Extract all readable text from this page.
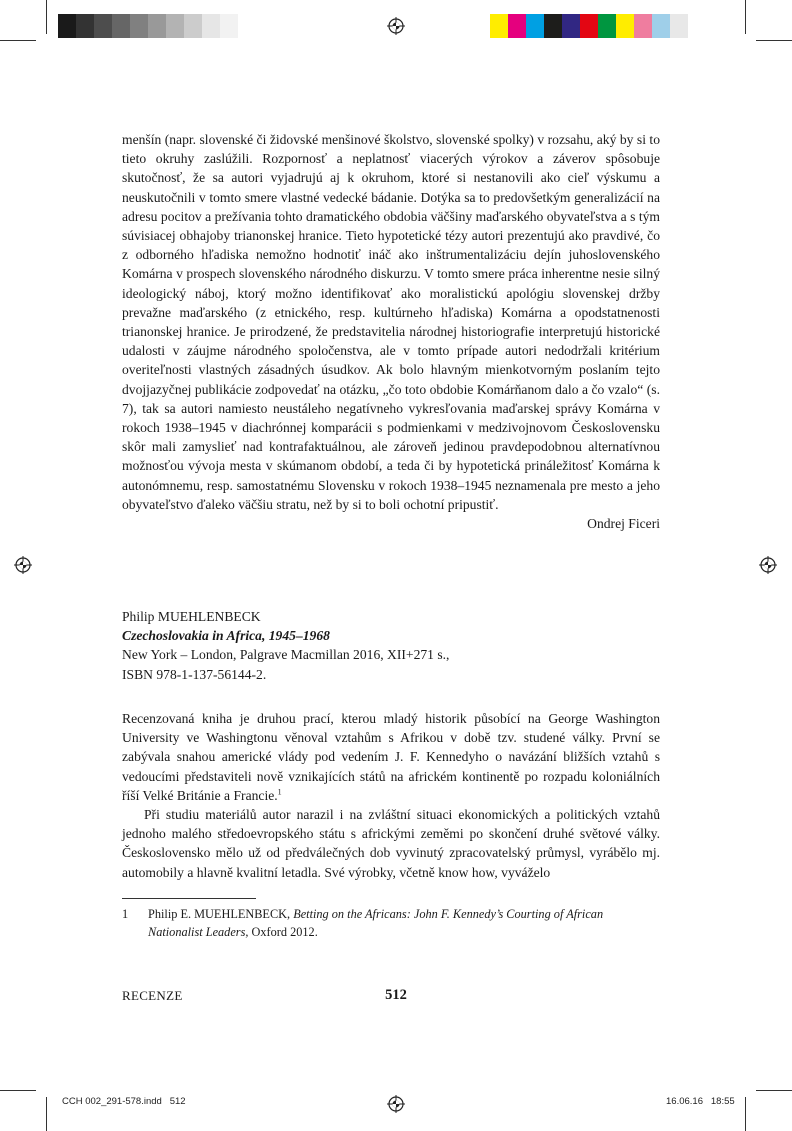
menšín (napr. slovenské či židovské menšinové školstvo, slovenské spolky) v rozsahu, aký by si to tieto okruhy zaslúžili. Rozpornosť a neplatnosť viacerých výrokov a záverov spôsobuje skutočnosť, že sa autori vyjadrujú aj k okruhom, ktoré si nestanovili ako cieľ výskumu a neuskutočnili v tomto smere vlastné vedecké bádanie. Dotýka sa to predovšetkým generalizácií na adresu pocitov a prežívania tohto dramatického obdobia väčšiny maďarského obyvateľstva a s tým súvisiacej obhajoby trianonskej hranice. Tieto hypotetické tézy autori prezentujú ako pravdivé, čo z odborného hľadiska nemožno hodnotiť ináč ako inštrumentalizáciu dejín juhoslovenského Komárna v prospech slovenského národného diskurzu. V tomto smere práca inherentne nesie silný ideologický náboj, ktorý možno identifikovať ako moralistickú apológiu slovenskej držby prevažne maďarského (z etnického, resp. kultúrneho hľadiska) Komárna a opodstatnenosti trianonskej hranice. Je prirodzené, že predstavitelia národnej historiografie interpretujú historické udalosti v záujme národného spoločenstva, ale v tomto prípade autori nedodržali kritérium overiteľnosti vlastných zásadných úsudkov. Ak bolo hlavným mienkotvorným poslaním tejto dvojjazyčnej publikácie zodpovedať na otázku, „čo toto obdobie Komárňanom dalo a čo vzalo“ (s. 7), tak sa autori namiesto neustáleho negatívneho vykresľovania maďarskej správy Komárna v rokoch 1938–1945 v diachrónnej komparácii s podmienkami v medzivojnovom Československu skôr mali zamyslieť nad kontrafaktuálnou, ale zároveň jedinou pravdepodobnou alternatívnou možnosťou vývoja mesta v skúmanom období, a teda či by hypotetická prináležitosť Komárna k autonómnemu, resp. samostatnému Slovensku v rokoch 1938–1945 neznamenala pre mesto a jeho obyvateľstvo ďaleko väčšiu stratu, než by si to boli ochotní pripustiť.

Ondrej Ficeri

Philip MUEHLENBECK

Czechoslovakia in Africa, 1945–1968

New York – London, Palgrave Macmillan 2016, XII+271 s.,

ISBN 978-1-137-56144-2.

Recenzovaná kniha je druhou prací, kterou mladý historik působící na George Washington University ve Washingtonu věnoval vztahům s Afrikou v době tzv. studené války. První se zabývala snahou americké vlády pod vedením J. F. Kennedyho o navázání bližších vztahů s vedoucími představiteli nově vznikajících států na africkém kontinentě po rozpadu koloniálních říší Velké Británie a Francie.$^1$

Při studiu materiálů autor narazil i na zvláštní situaci ekonomických a politických vztahů jednoho malého středoevropského státu s africkými zeměmi po skončení druhé světové války. Československo mělo už od předválečných dob vyvinutý zpracovatelský průmysl, vyrábělo mj. automobily a hlavně kvalitní letadla. Své výrobky, včetně know how, vyváželo

1 Philip E. MUEHLENBECK, Betting on the Africans: John F. Kennedy’s Courting of African Nationalist Leaders, Oxford 2012.
RECENZE	512
CCH 002_291-578.indd   512	16.06.16   18:55
